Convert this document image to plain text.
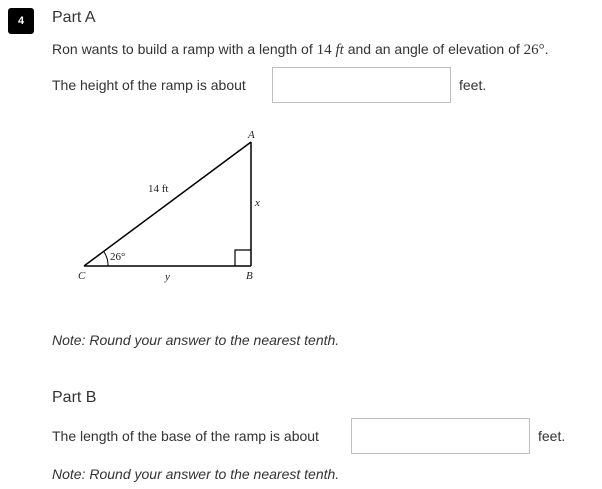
4 Part A
Ron wants to build a ramp with a length of 14 ft and an angle of elevation of 26°.
The height of the ramp is about	feet.
A
B
C
14 ft
26°
x
y
Note: Round your answer to the nearest tenth.
Part B
The length of the base of the ramp is about	feet.
Note: Round your answer to the nearest tenth.
